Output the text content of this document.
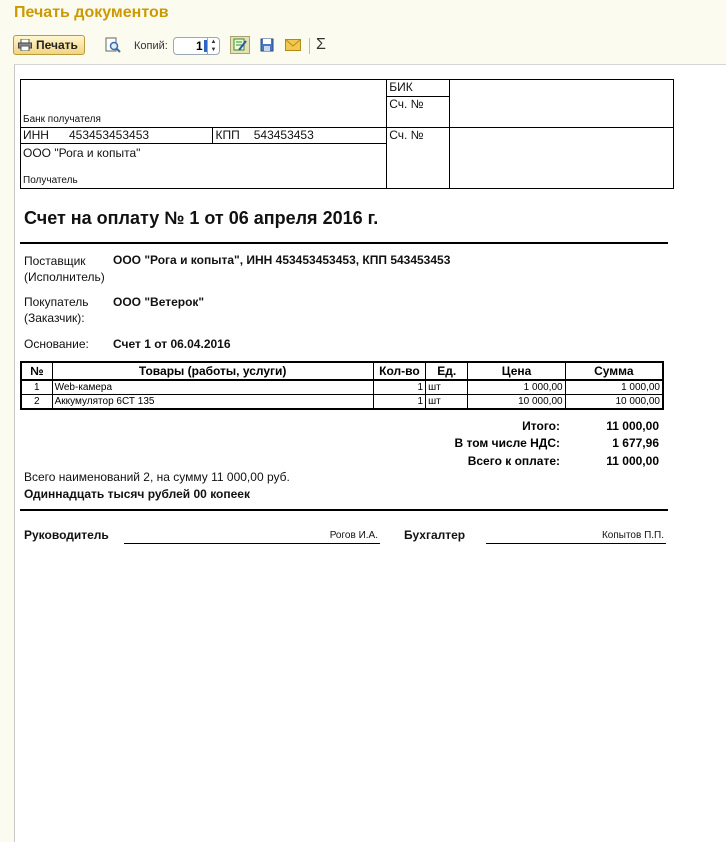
Печать документов
Печать	Копий: 1	▲
▼	Σ
Банк получателя				БИК	
				Сч. №	
ИНН	453453453453	КПП	543453453	Сч. №	

ООО "Рога и копыта"
Получатель					
Счет на оплату № 1 от 06 апреля 2016 г.
Поставщик
(Исполнитель)
ООО "Рога и копыта", ИНН 453453453453, КПП 543453453
Покупатель
(Заказчик):
ООО "Ветерок"
Основание: Счет 1 от 06.04.2016
№	Товары (работы, услуги)	Кол-во	Ед.	Цена	Сумма
1	Web-камера	1	шт	1 000,00	1 000,00
2	Аккумулятор 6СТ 135	1	шт	10 000,00	10 000,00
Итого:	11 000,00
В том числе НДС:	1 677,96
Всего к оплате:	11 000,00
Всего наименований 2, на сумму 11 000,00 руб.
Одиннадцать тысяч рублей 00 копеек
Руководитель	Рогов И.А. Бухгалтер	Копытов П.П.
